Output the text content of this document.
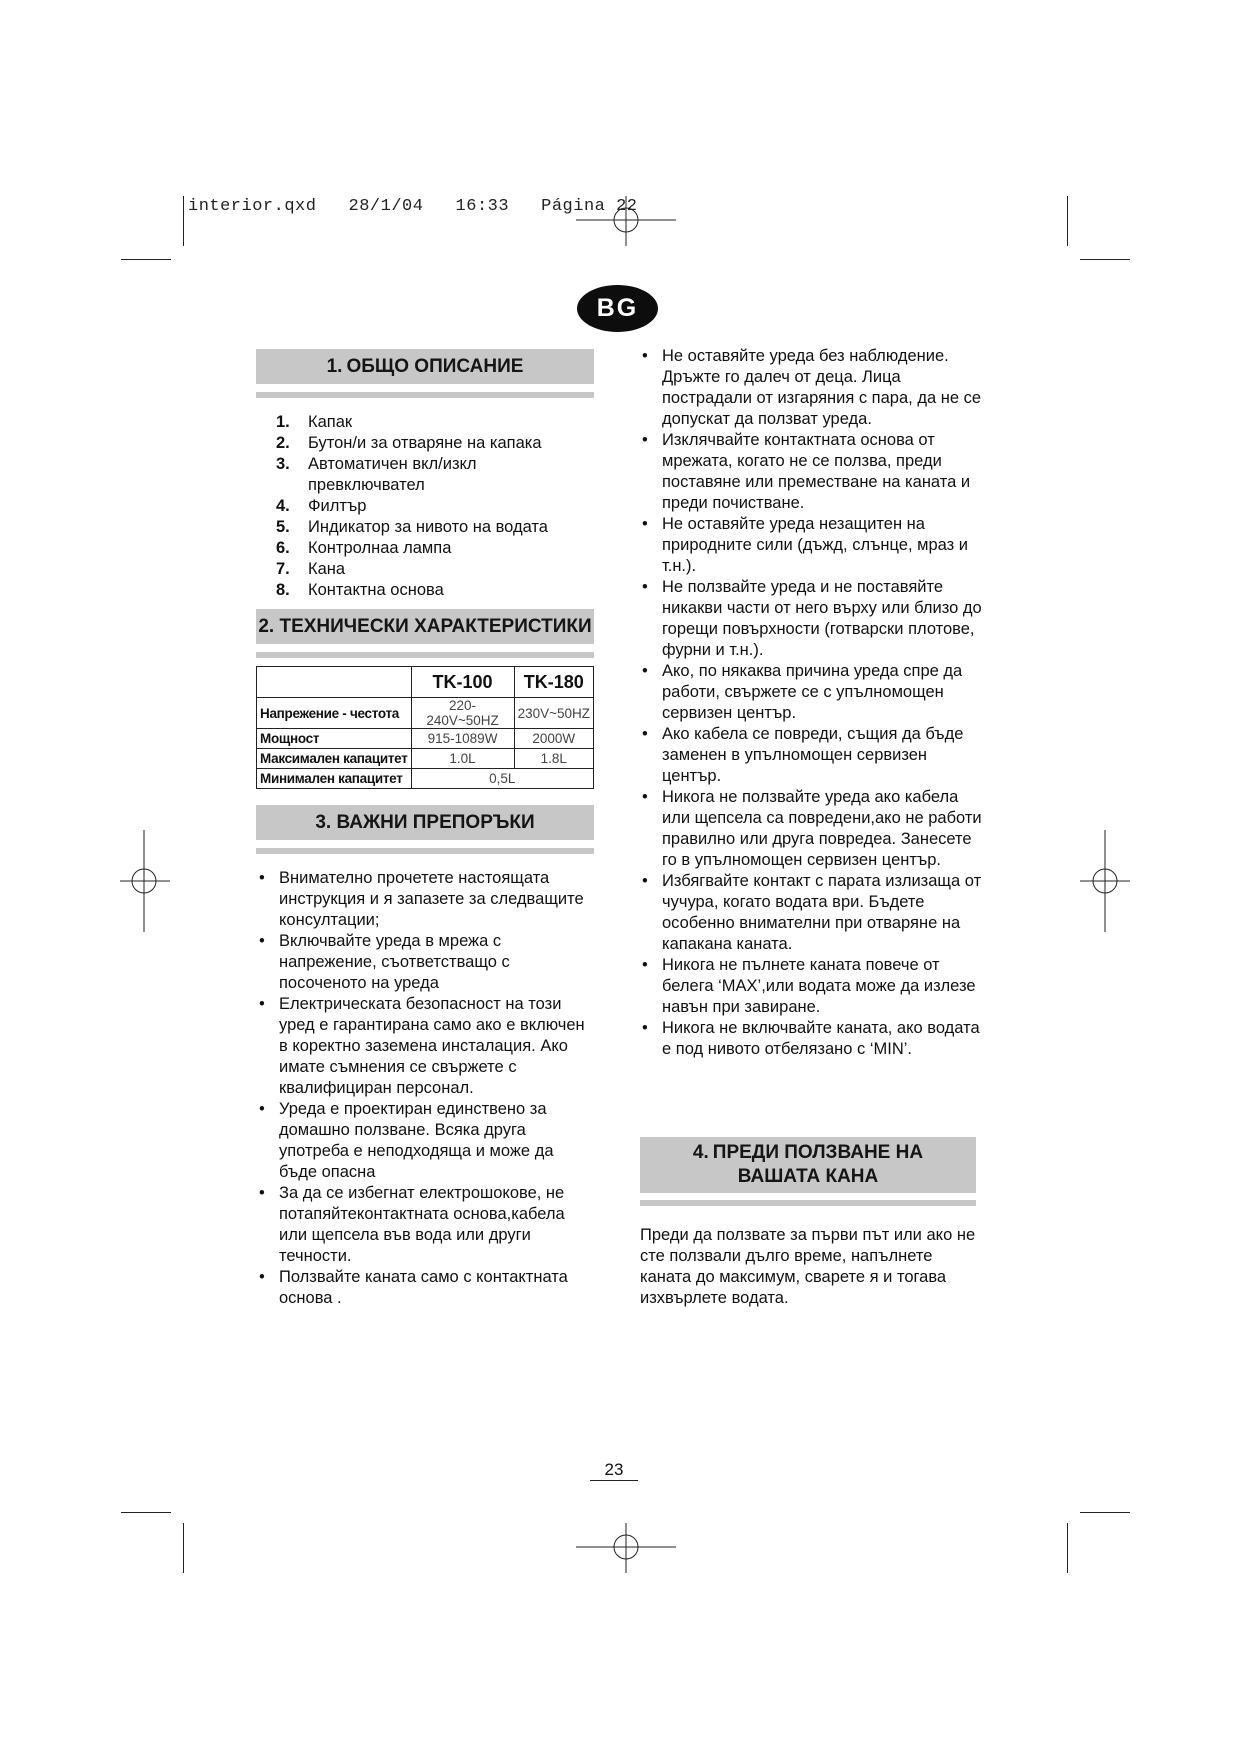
interior.qxd   28/1/04   16:33   Página 22
BG
1. ОБЩО ОПИСАНИЕ
1.	Капак
2.	Бутон/и за отваряне на капака
3.	Автоматичен вкл/изкл превключвател
4.	Филтър
5.	Индикатор за нивото на водата
6.	Контролнаа лампа
7.	Кана
8.	Контактна основа
2. ТЕХНИЧЕСКИ ХАРАКТЕРИСТИКИ
	TK-100	TK-180
Напрежение - честота	220-240V~50HZ	230V~50HZ
Мощност	915-1089W	2000W
Максимален капацитет	1.0L	1.8L
Минимален капацитет	0,5L	
3. ВАЖНИ ПРЕПОРЪКИ
• Внимателно прочетете настоящата инструкция и я запазете за следващите консултации;
• Включвайте уреда в мрежа с напрежение, съответстващо с посоченото на уреда
• Електрическата безопасност на този уред е гарантирана само ако е включен в коректно заземена инсталация. Ако имате съмнения се свържете с квалифициран персонал.
• Уреда е проектиран единствено за домашно ползване. Всяка друга употреба е неподходяща и може да бъде опасна
• За да се избегнат електрошокове, не потапяйтеконтактната основа,кабела или щепсела във вода или други течности.
• Ползвайте каната само с контактната основа .
• Не оставяйте уреда без наблюдение. Дръжте го далеч от деца. Лица пострадали от изгаряния с пара, да не се допускат да ползват уреда.
• Изклячвайте контактната основа от мрежата, когато не се ползва, преди поставяне или преместване на каната и преди почистване.
• Не оставяйте уреда незащитен на природните сили (дъжд, слънце, мраз и т.н.).
• Не ползвайте уреда и не поставяйте никакви части от него върху или близо до горещи повърхности (готварски плотове, фурни и т.н.).
• Ако, по някаква причина уреда спре да работи, свържете се с упълномощен сервизен център.
• Ако кабела се повреди, същия да бъде заменен в упълномощен сервизен център.
• Никога не ползвайте уреда ако кабела или щепсела са повредени,ако не работи правилно или друга повредеа. Занесете го в упълномощен сервизен център.
• Избягвайте контакт с парата излизаща от чучура, когато водата ври. Бъдете особенно внимателни при отваряне на капакана каната.
• Никога не пълнете каната повече от белега ‘MAX’,или водата може да излезе навън при завиране.
• Никога не включвайте каната, ако водата е под нивото отбелязано с ‘MIN’.
4. ПРЕДИ ПОЛЗВАНЕ НА
ВАШАТА КАНА
Преди да ползвате за първи път или ако не сте ползвали дълго време, напълнете каната до максимум, сварете я и тогава изхвърлете водата.
23
